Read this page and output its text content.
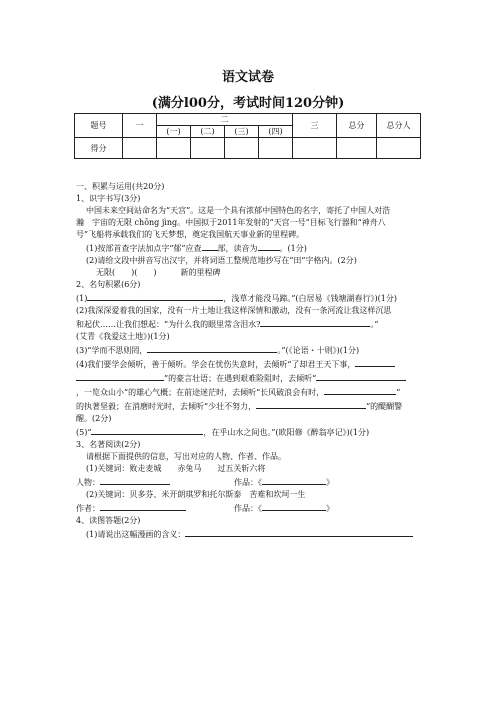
语文试卷
(满分l00分，考试时间120分钟)
题号	一	二				三	总分	总分人
		(一)	(二)	(三)	(四)			
得分								
一、积累与运用(共20分)
1、识字书写(3分)
中国未来空间站命名为“天宫”。这是一个具有浓郁中国特色的名字，寄托了中国人对浩
瀚　宇宙的无限 chōng jìng。中国拟于2011年发射的“天宫一号”目标飞行器和“神舟八
号”飞船将承载我们的飞天梦想，奠定我国航天事业新的里程碑。
(1)按部首查字法加点字“郁”应查 部，读音为	。(1分)
(2)请给文段中拼音写出汉字，并将词语工整规范地抄写在“田”字格内。(2分)
无限(　　)(　　)　　　新的里程碑
2、名句积累(6分)
(1)	，浅草才能没马蹄。”(白居易《钱塘湖春行》)(1分)
(2)我深深爱着我的国家，没有一片土地让我这样深情和激动，没有一条河流让我这样沉思
和起伏……让我们想起：“为什么我的眼里常含泪水?	。”
(艾青《我爱这土地》)(1分)
(3)“学而不思则罔，	。”(《论语・十则》)(1分)
(4)我们要学会倾听，善于倾听。学会在忧伤失意时，去倾听“了却君王天下事，
”的豪言壮语；在遇到艰难险阻时，去倾听“
，一览众山小”的雄心气概；在前途迷茫时，去倾听“长风破浪会有时，	”
的执著坚毅；在消磨时光时，去倾听“少壮不努力，	”的醍醐警
醒。(2分)
(5)“	，在乎山水之间也。”(欧阳修《醉翁亭记》)(1分)
3、名著阅读(2分)
请根据下面提供的信息，写出对应的人物、作者、作品。
(1)关键词：败走麦城　　赤兔马　　过五关斩六将
人物：	作品：《	》
(2)关键词：贝多芬、米开朗琪罗和托尔斯泰　苦难和坎坷一生
作者：	作品：《	》
4、读图答题(2分)
(1)请说出这幅漫画的含义：
